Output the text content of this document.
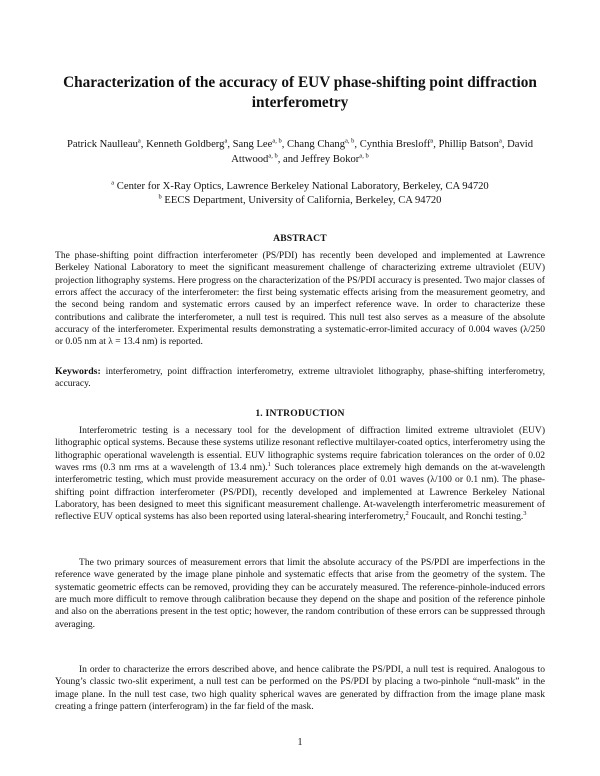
Characterization of the accuracy of EUV phase-shifting point diffraction interferometry
Patrick Naulleau$^a$, Kenneth Goldberg$^a$, Sang Lee$^{a, b}$, Chang Chang$^{a, b}$, Cynthia Bresloff$^a$, Phillip Batson$^a$, David Attwood$^{a, b}$, and Jeffrey Bokor$^{a, b}$
$^a$ Center for X-Ray Optics, Lawrence Berkeley National Laboratory, Berkeley, CA 94720
$^b$ EECS Department, University of California, Berkeley, CA 94720
ABSTRACT

The phase-shifting point diffraction interferometer (PS/PDI) has recently been developed and implemented at Lawrence Berkeley National Laboratory to meet the significant measurement challenge of characterizing extreme ultraviolet (EUV) projection lithography systems. Here progress on the characterization of the PS/PDI accuracy is presented. Two major classes of errors affect the accuracy of the interferometer: the first being systematic effects arising from the measurement geometry, and the second being random and systematic errors caused by an imperfect reference wave. In order to characterize these contributions and calibrate the interferometer, a null test is required. This null test also serves as a measure of the absolute accuracy of the interferometer. Experimental results demonstrating a systematic-error-limited accuracy of 0.004 waves (λ/250 or 0.05 nm at λ = 13.4 nm) is reported.

Keywords: interferometry, point diffraction interferometry, extreme ultraviolet lithography, phase-shifting interferometry, accuracy.

1. INTRODUCTION

Interferometric testing is a necessary tool for the development of diffraction limited extreme ultraviolet (EUV) lithographic optical systems. Because these systems utilize resonant reflective multilayer-coated optics, interferometry using the lithographic operational wavelength is essential. EUV lithographic systems require fabrication tolerances on the order of 0.02 waves rms (0.3 nm rms at a wavelength of 13.4 nm).$^1$ Such tolerances place extremely high demands on the at-wavelength interferometric testing, which must provide measurement accuracy on the order of 0.01 waves (λ/100 or 0.1 nm). The phase-shifting point diffraction interferometer (PS/PDI), recently developed and implemented at Lawrence Berkeley National Laboratory, has been designed to meet this significant measurement challenge. At-wavelength interferometric measurement of reflective EUV optical systems has also been reported using lateral-shearing interferometry,$^2$ Foucault, and Ronchi testing.$^3$

The two primary sources of measurement errors that limit the absolute accuracy of the PS/PDI are imperfections in the reference wave generated by the image plane pinhole and systematic effects that arise from the geometry of the system. The systematic geometric effects can be removed, providing they can be accurately measured. The reference-pinhole-induced errors are much more difficult to remove through calibration because they depend on the shape and position of the reference pinhole and also on the aberrations present in the test optic; however, the random contribution of these errors can be suppressed through averaging.

In order to characterize the errors described above, and hence calibrate the PS/PDI, a null test is required. Analogous to Young’s classic two-slit experiment, a null test can be performed on the PS/PDI by placing a two-pinhole “null-mask” in the image plane. In the null test case, two high quality spherical waves are generated by diffraction from the image plane mask creating a fringe pattern (interferogram) in the far field of the mask.

1
